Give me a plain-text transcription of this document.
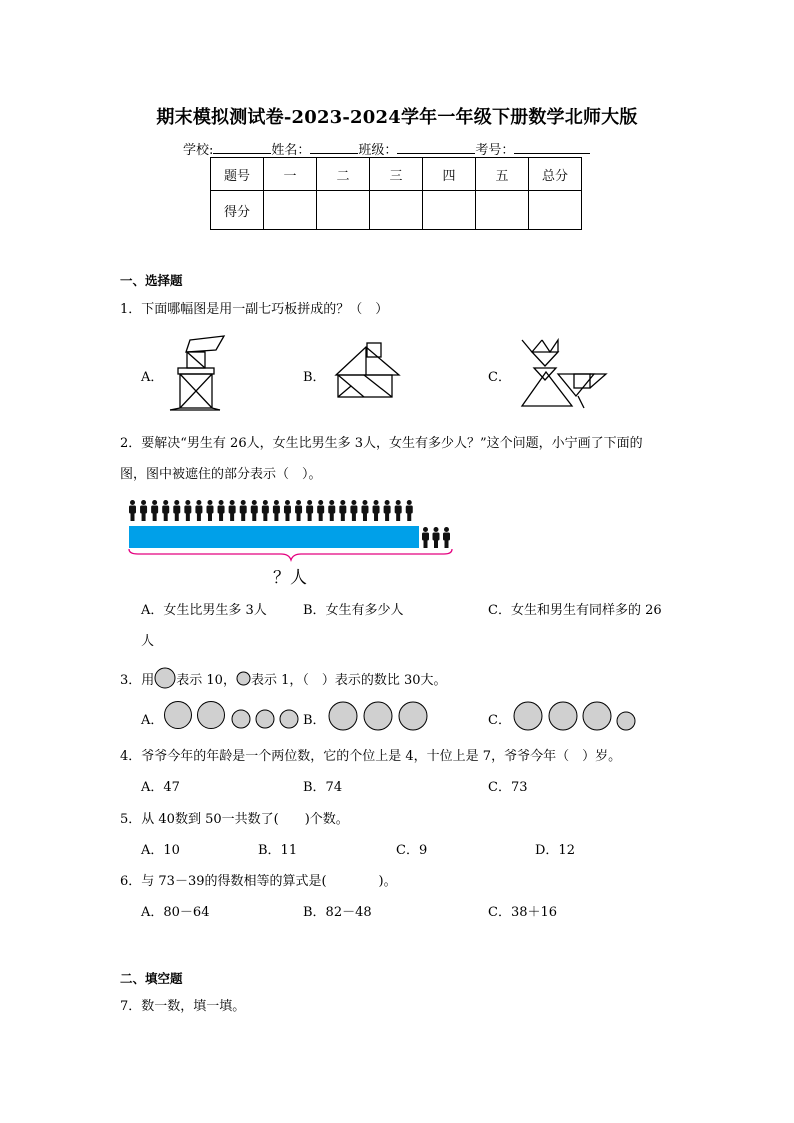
期末模拟测试卷-2023-2024学年一年级下册数学北师大版
学校:	姓名：	班级：	考号：
题号	一	二	三	四	五	总分
得分						
一、选择题
1．下面哪幅图是用一副七巧板拼成的？（　）
A．	B．	C．
2．要解决“男生有 26人，女生比男生多 3人，女生有多少人？”这个问题，小宁画了下面的
图，图中被遮住的部分表示（　）。
？人
A．女生比男生多 3人	B．女生有多少人	C．女生和男生有同样多的 26
人
3．用 表示 10， 表示 1，（　）表示的数比 30大。
A．	B．	C．
4．爷爷今年的年龄是一个两位数，它的个位上是 4，十位上是 7，爷爷今年（　）岁。
A．47	B．74	C．73
5．从 40数到 50一共数了(　　)个数。
A．10	B．11	C．9	D．12
6．与 73－39的得数相等的算式是(　　　　)。
A．80－64	B．82－48	C．38＋16
二、填空题
7．数一数，填一填。
